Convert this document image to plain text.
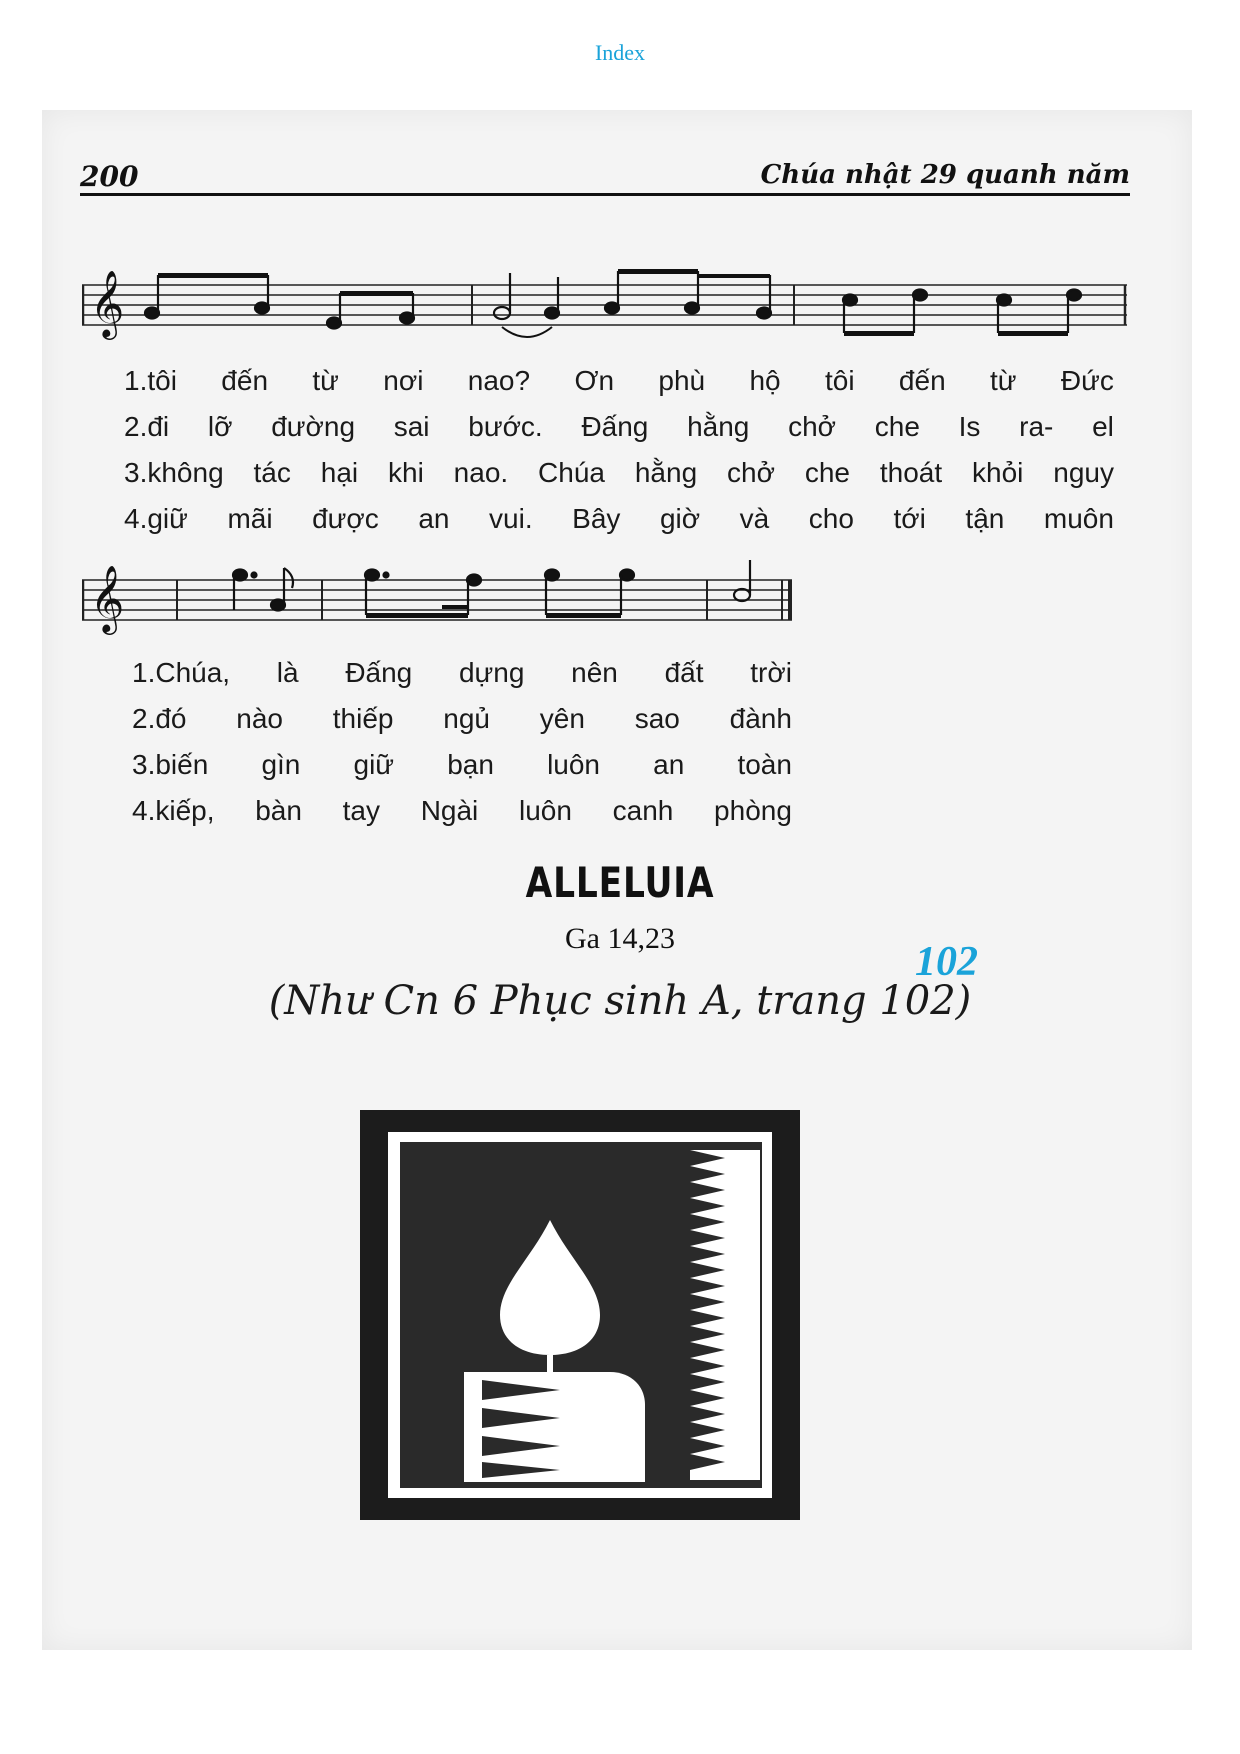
Index
200	Chúa nhật 29 quanh năm
𝄞
1.tôi đến từ nơi nao? Ơn phù hộ tôi đến từ Đức
2.đi lỡ đường sai bước. Đấng hằng chở che Is ra- el
3.không tác hại khi nao. Chúa hằng chở che thoát khỏi nguy
4.giữ mãi được an vui. Bây giờ và cho tới tận muôn
𝄞
1.Chúa, là Đấng dựng nên đất trời
2.đó nào thiếp ngủ yên sao đành
3.biến gìn giữ bạn luôn an toàn
4.kiếp, bàn tay Ngài luôn canh phòng
ALLELUIA
Ga 14,23
102
(Như Cn 6 Phục sinh A, trang 102)
